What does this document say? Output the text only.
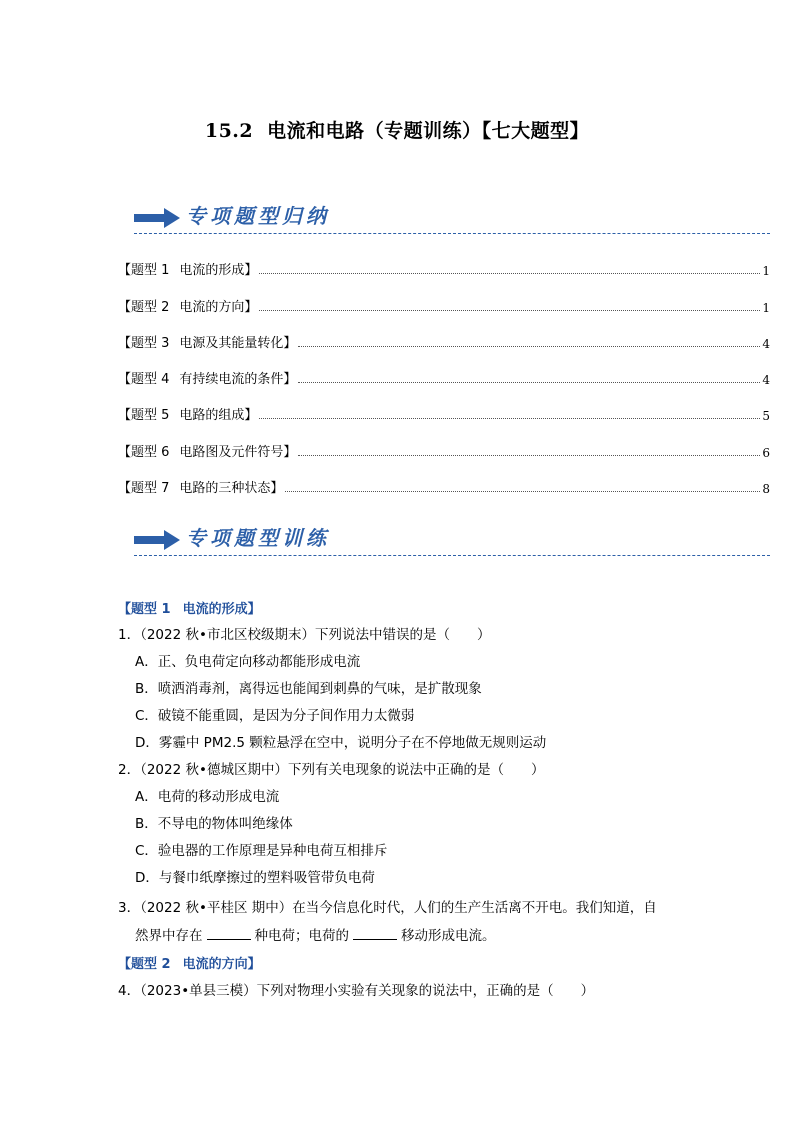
15.2 电流和电路（专题训练）【七大题型】
专项题型归纳
【题型 1 电流的形成】	1
【题型 2 电流的方向】	1
【题型 3 电源及其能量转化】	4
【题型 4 有持续电流的条件】	4
【题型 5 电路的组成】	5
【题型 6 电路图及元件符号】	6
【题型 7 电路的三种状态】	8
专项题型训练
【题型 1 电流的形成】
1．（2022 秋•市北区校级期末）下列说法中错误的是（　　）
A．正、负电荷定向移动都能形成电流
B．喷洒消毒剂，离得远也能闻到刺鼻的气味，是扩散现象
C．破镜不能重圆，是因为分子间作用力太微弱
D．雾霾中 PM2.5 颗粒悬浮在空中，说明分子在不停地做无规则运动
2．（2022 秋•德城区期中）下列有关电现象的说法中正确的是（　　）
A．电荷的移动形成电流
B．不导电的物体叫绝缘体
C．验电器的工作原理是异种电荷互相排斥
D．与餐巾纸摩擦过的塑料吸管带负电荷
3．（2022 秋•平桂区 期中）在当今信息化时代，人们的生产生活离不开电。我们知道，自
然界中存在	种电荷；电荷的	移动形成电流。
【题型 2 电流的方向】
4．（2023•单县三模）下列对物理小实验有关现象的说法中，正确的是（　　）
